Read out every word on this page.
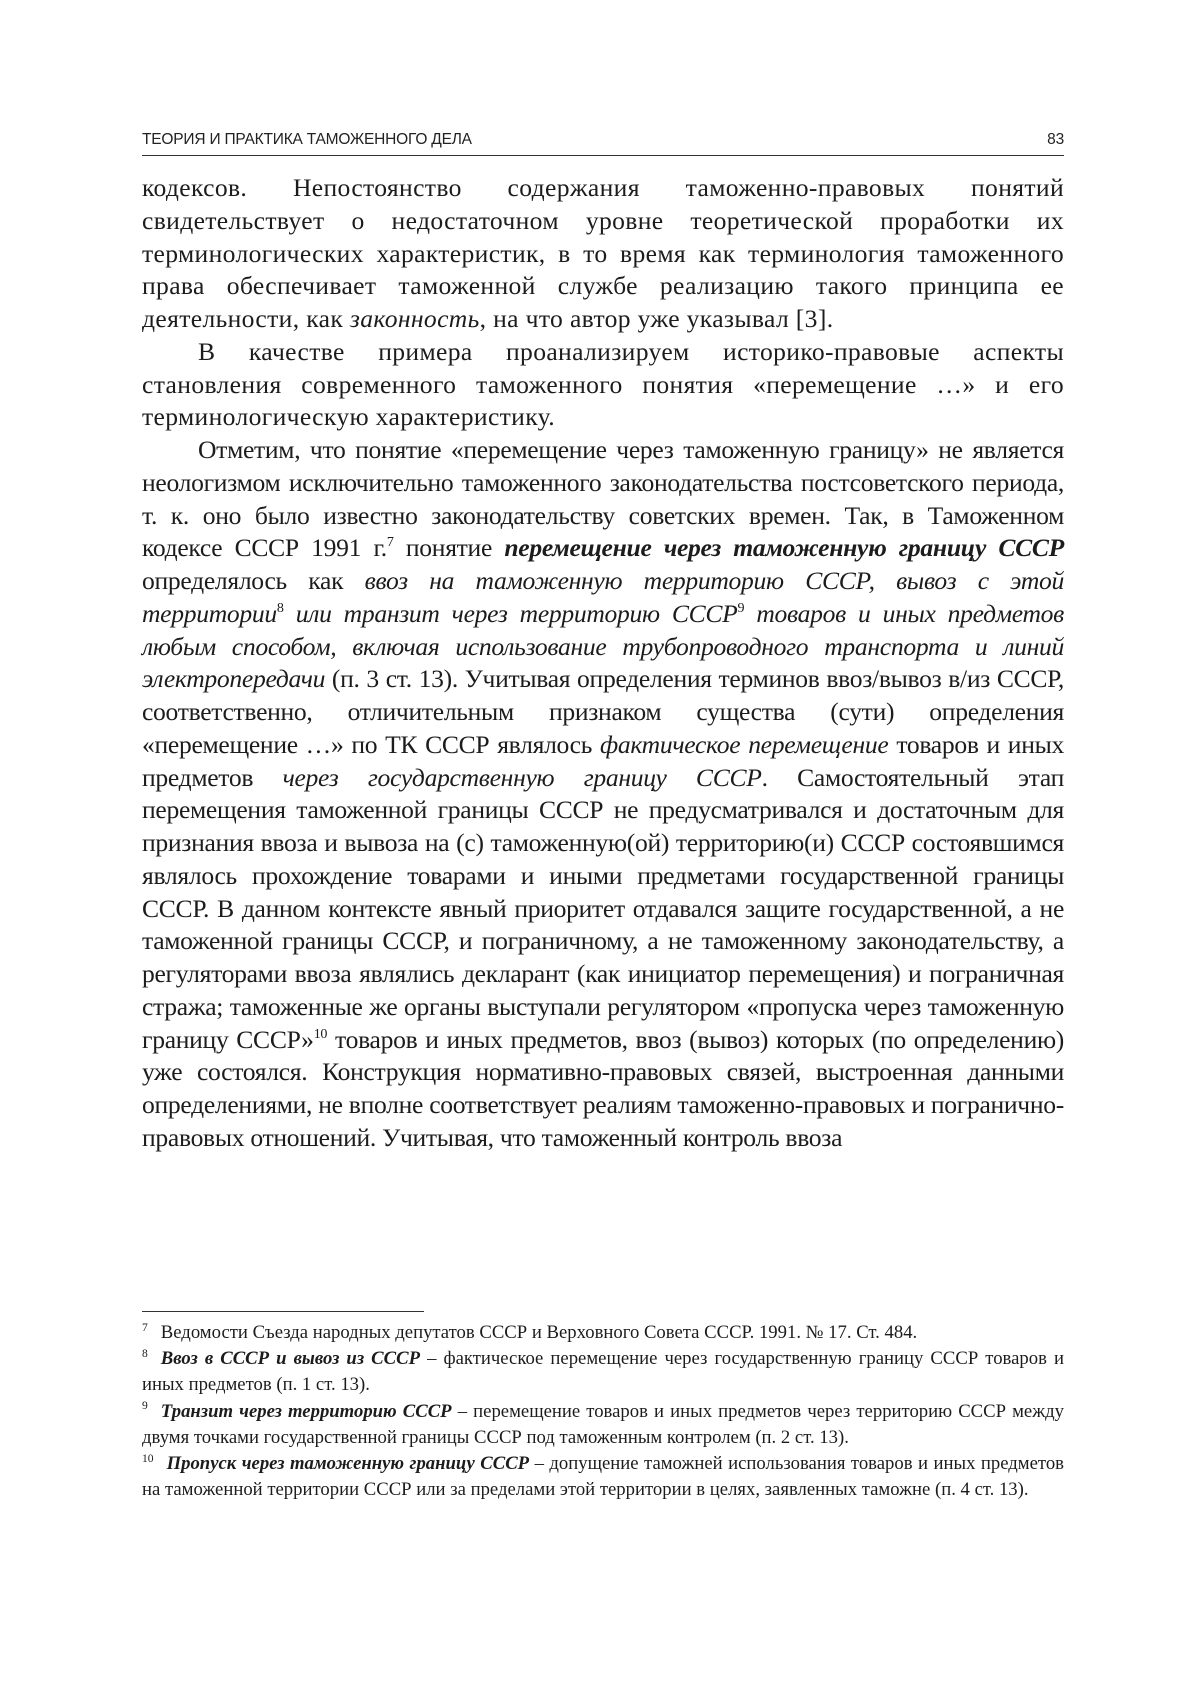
ТЕОРИЯ И ПРАКТИКА ТАМОЖЕННОГО ДЕЛА	83

кодексов. Непостоянство содержания таможенно-правовых понятий свидетельствует о недостаточном уровне теоретической проработки их терминологических характеристик, в то время как терминология таможенного права обеспечивает таможенной службе реализацию такого принципа ее деятельности, как законность, на что автор уже указывал [3].

В качестве примера проанализируем историко-правовые аспекты становления современного таможенного понятия «перемещение …» и его терминологическую характеристику.

Отметим, что понятие «перемещение через таможенную границу» не является неологизмом исключительно таможенного законодательства постсоветского периода, т. к. оно было известно законодательству советских времен. Так, в Таможенном кодексе СССР 1991 г.$^7$ понятие перемещение через таможенную границу СССР определялось как ввоз на таможенную территорию СССР, вывоз с этой территории$^8$ или транзит через территорию СССР$^9$ товаров и иных предметов любым способом, включая использование трубопроводного транспорта и линий электропередачи (п. 3 ст. 13). Учитывая определения терминов ввоз/вывоз в/из СССР, соответственно, отличительным признаком существа (сути) определения «перемещение …» по ТК СССР являлось фактическое перемещение товаров и иных предметов через государственную границу СССР. Самостоятельный этап перемещения таможенной границы СССР не предусматривался и достаточным для признания ввоза и вывоза на (с) таможенную(ой) территорию(и) СССР состоявшимся являлось прохождение товарами и иными предметами государственной границы СССР. В данном контексте явный приоритет отдавался защите государственной, а не таможенной границы СССР, и пограничному, а не таможенному законодательству, а регуляторами ввоза являлись декларант (как инициатор перемещения) и пограничная стража; таможенные же органы выступали регулятором «пропуска через таможенную границу СССР»$^{10}$ товаров и иных предметов, ввоз (вывоз) которых (по определению) уже состоялся. Конструкция нормативно-правовых связей, выстроенная данными определениями, не вполне соответствует реалиям таможенно-правовых и погранично-правовых отношений. Учитывая, что таможенный контроль ввоза

$^7$ Ведомости Съезда народных депутатов СССР и Верховного Совета СССР. 1991. № 17. Ст. 484.

$^8$ Ввоз в СССР и вывоз из СССР – фактическое перемещение через государственную границу СССР товаров и иных предметов (п. 1 ст. 13).

$^9$ Транзит через территорию СССР – перемещение товаров и иных предметов через территорию СССР между двумя точками государственной границы СССР под таможенным контролем (п. 2 ст. 13).

$^{10}$ Пропуск через таможенную границу СССР – допущение таможней использования товаров и иных предметов на таможенной территории СССР или за пределами этой территории в целях, заявленных таможне (п. 4 ст. 13).
